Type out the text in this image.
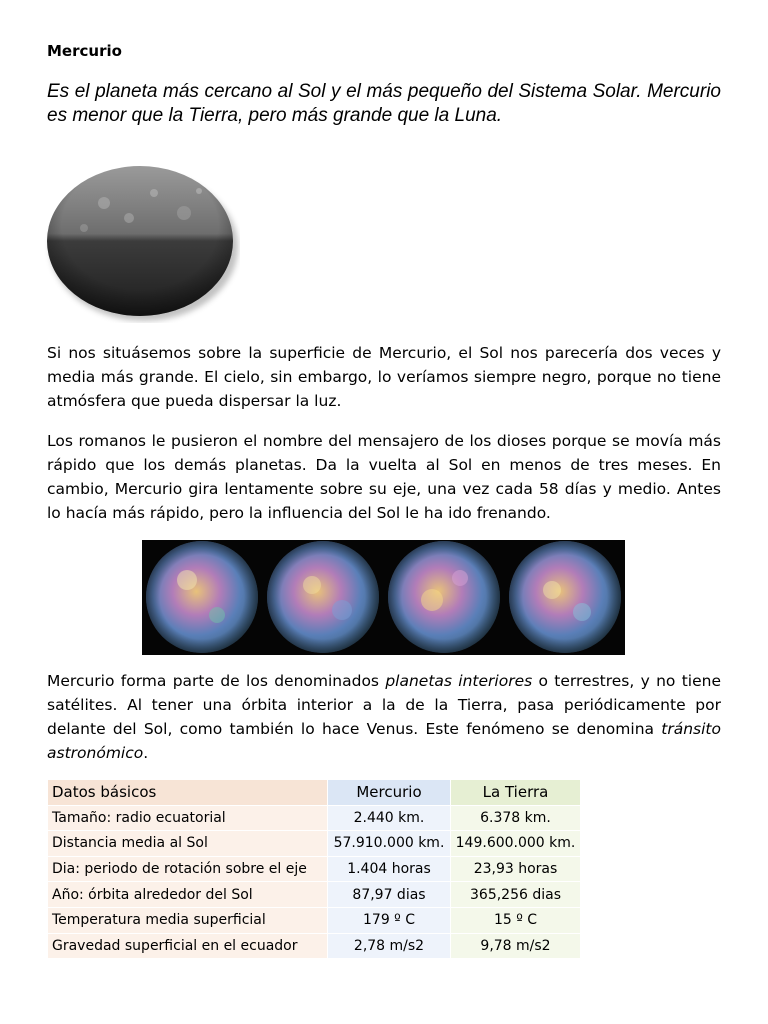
Mercurio
Es el planeta más cercano al Sol y el más pequeño del Sistema Solar. Mercurio es menor que la Tierra, pero más grande que la Luna.
Si nos situásemos sobre la superficie de Mercurio, el Sol nos parecería dos veces y media más grande. El cielo, sin embargo, lo veríamos siempre negro, porque no tiene atmósfera que pueda dispersar la luz.
Los romanos le pusieron el nombre del mensajero de los dioses porque se movía más rápido que los demás planetas. Da la vuelta al Sol en menos de tres meses. En cambio, Mercurio gira lentamente sobre su eje, una vez cada 58 días y medio. Antes lo hacía más rápido, pero la influencia del Sol le ha ido frenando.
Mercurio forma parte de los denominados planetas interiores o terrestres, y no tiene satélites. Al tener una órbita interior a la de la Tierra, pasa periódicamente por delante del Sol, como también lo hace Venus. Este fenómeno se denomina tránsito astronómico.
Datos básicos	Mercurio	La Tierra
Tamaño: radio ecuatorial	2.440 km.	6.378 km.
Distancia media al Sol	57.910.000 km.	149.600.000 km.
Dia: periodo de rotación sobre el eje	1.404 horas	23,93 horas
Año: órbita alrededor del Sol	87,97 dias	365,256 dias
Temperatura media superficial	179 º C	15 º C
Gravedad superficial en el ecuador	2,78 m/s2	9,78 m/s2
